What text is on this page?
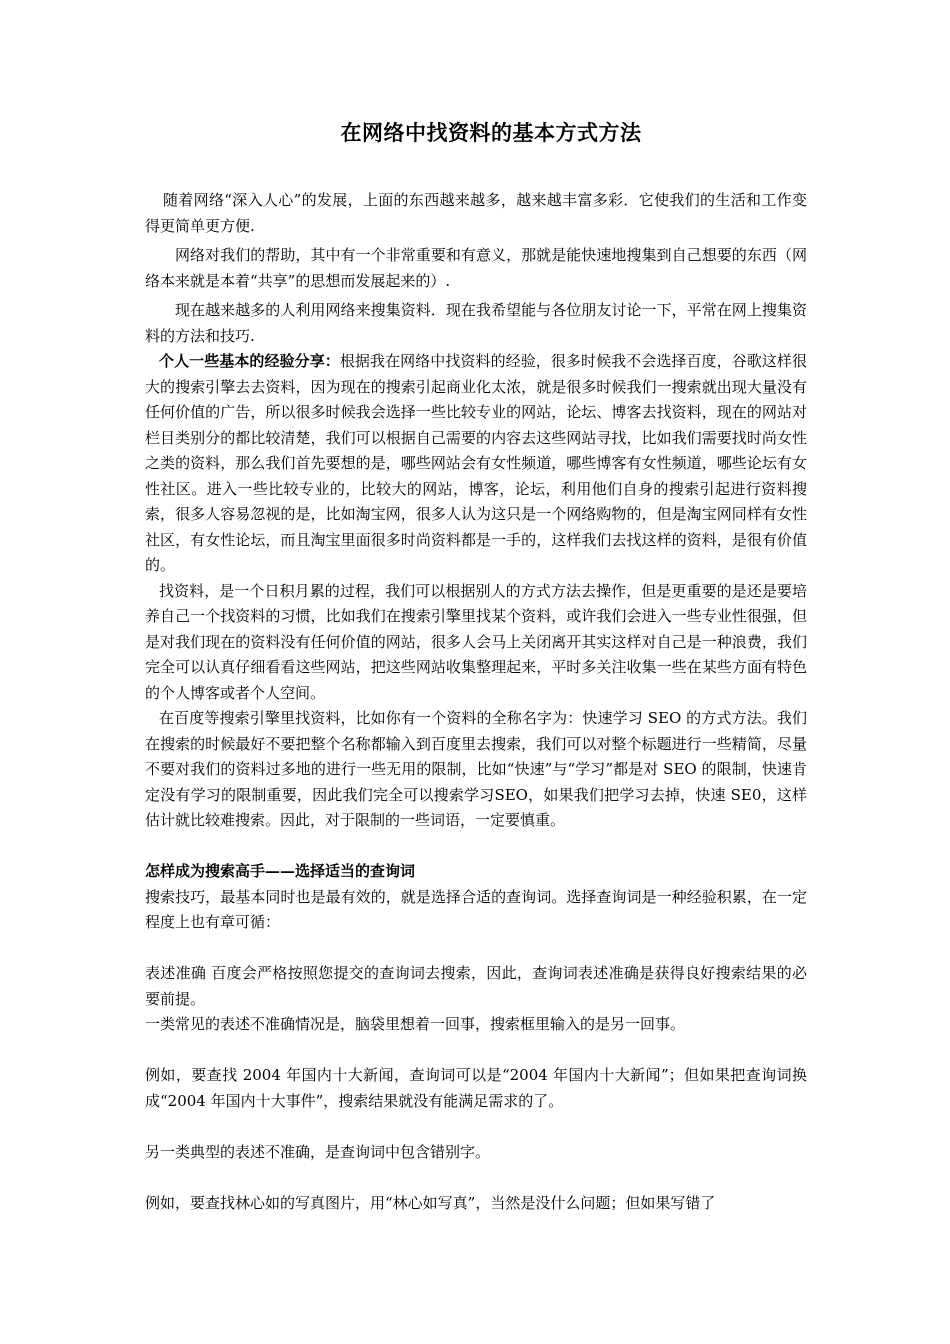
在网络中找资料的基本方式方法

随着网络“深入人心”的发展，上面的东西越来越多，越来越丰富多彩．它使我们的生活和工作变得更简单更方便.

网络对我们的帮助，其中有一个非常重要和有意义，那就是能快速地搜集到自己想要的东西（网络本来就是本着“共享”的思想而发展起来的）.

现在越来越多的人利用网络来搜集资料．现在我希望能与各位朋友讨论一下，平常在网上搜集资料的方法和技巧.

个人一些基本的经验分享：根据我在网络中找资料的经验，很多时候我不会选择百度，谷歌这样很大的搜索引擎去去资料，因为现在的搜索引起商业化太浓，就是很多时候我们一搜索就出现大量没有任何价值的广告，所以很多时候我会选择一些比较专业的网站，论坛、博客去找资料，现在的网站对栏目类别分的都比较清楚，我们可以根据自己需要的内容去这些网站寻找，比如我们需要找时尚女性之类的资料，那么我们首先要想的是，哪些网站会有女性频道，哪些博客有女性频道，哪些论坛有女性社区。进入一些比较专业的，比较大的网站，博客，论坛，利用他们自身的搜索引起进行资料搜索，很多人容易忽视的是，比如淘宝网，很多人认为这只是一个网络购物的，但是淘宝网同样有女性社区，有女性论坛，而且淘宝里面很多时尚资料都是一手的，这样我们去找这样的资料，是很有价值的。

找资料，是一个日积月累的过程，我们可以根据别人的方式方法去操作，但是更重要的是还是要培养自己一个找资料的习惯，比如我们在搜索引擎里找某个资料，或许我们会进入一些专业性很强，但是对我们现在的资料没有任何价值的网站，很多人会马上关闭离开其实这样对自己是一种浪费，我们完全可以认真仔细看看这些网站，把这些网站收集整理起来，平时多关注收集一些在某些方面有特色的个人博客或者个人空间。

在百度等搜索引擎里找资料，比如你有一个资料的全称名字为：快速学习 SEO 的方式方法。我们在搜索的时候最好不要把整个名称都输入到百度里去搜索，我们可以对整个标题进行一些精简，尽量不要对我们的资料过多地的进行一些无用的限制，比如“快速”与“学习”都是对 SEO 的限制，快速肯定没有学习的限制重要，因此我们完全可以搜索学习SEO，如果我们把学习去掉，快速 SE0，这样估计就比较难搜索。因此，对于限制的一些词语，一定要慎重。

怎样成为搜索高手——选择适当的查询词

搜索技巧，最基本同时也是最有效的，就是选择合适的查询词。选择查询词是一种经验积累，在一定程度上也有章可循：

表述准确 百度会严格按照您提交的查询词去搜索，因此，查询词表述准确是获得良好搜索结果的必要前提。

一类常见的表述不准确情况是，脑袋里想着一回事，搜索框里输入的是另一回事。

例如，要查找 2004 年国内十大新闻，查询词可以是“2004 年国内十大新闻”；但如果把查询词换成“2004 年国内十大事件”，搜索结果就没有能满足需求的了。

另一类典型的表述不准确，是查询词中包含错别字。

例如，要查找林心如的写真图片，用“林心如写真”，当然是没什么问题；但如果写错了
